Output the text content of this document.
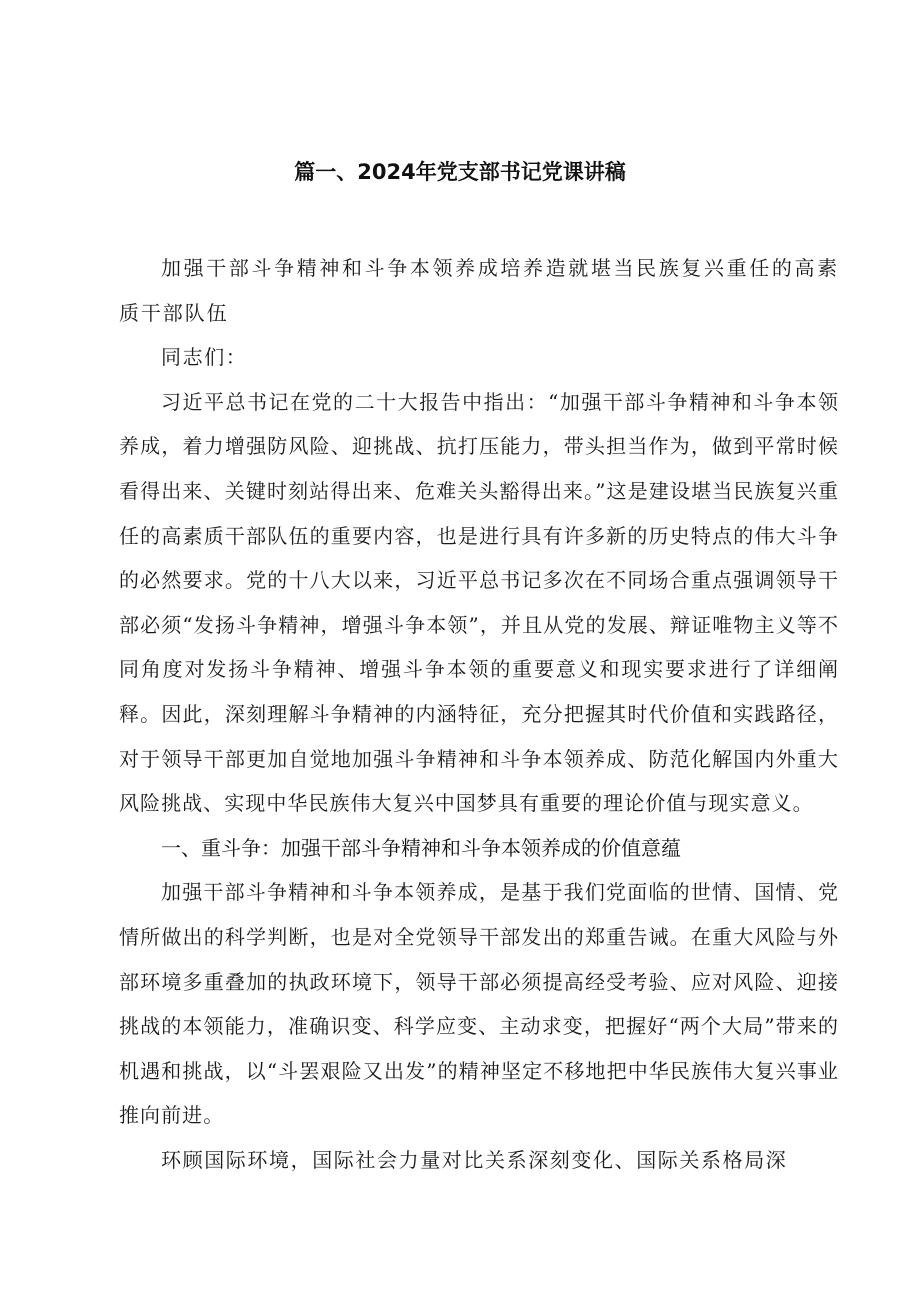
篇一、2024年党支部书记党课讲稿

加强干部斗争精神和斗争本领养成培养造就堪当民族复兴重任的高素质干部队伍

同志们：

习近平总书记在党的二十大报告中指出：“加强干部斗争精神和斗争本领养成，着力增强防风险、迎挑战、抗打压能力，带头担当作为，做到平常时候看得出来、关键时刻站得出来、危难关头豁得出来。”这是建设堪当民族复兴重任的高素质干部队伍的重要内容，也是进行具有许多新的历史特点的伟大斗争的必然要求。党的十八大以来，习近平总书记多次在不同场合重点强调领导干部必须“发扬斗争精神，增强斗争本领”，并且从党的发展、辩证唯物主义等不同角度对发扬斗争精神、增强斗争本领的重要意义和现实要求进行了详细阐释。因此，深刻理解斗争精神的内涵特征，充分把握其时代价值和实践路径，对于领导干部更加自觉地加强斗争精神和斗争本领养成、防范化解国内外重大风险挑战、实现中华民族伟大复兴中国梦具有重要的理论价值与现实意义。

一、重斗争：加强干部斗争精神和斗争本领养成的价值意蕴

加强干部斗争精神和斗争本领养成，是基于我们党面临的世情、国情、党情所做出的科学判断，也是对全党领导干部发出的郑重告诫。在重大风险与外部环境多重叠加的执政环境下，领导干部必须提高经受考验、应对风险、迎接挑战的本领能力，准确识变、科学应变、主动求变，把握好“两个大局”带来的机遇和挑战，以“斗罢艰险又出发”的精神坚定不移地把中华民族伟大复兴事业推向前进。

环顾国际环境，国际社会力量对比关系深刻变化、国际关系格局深
